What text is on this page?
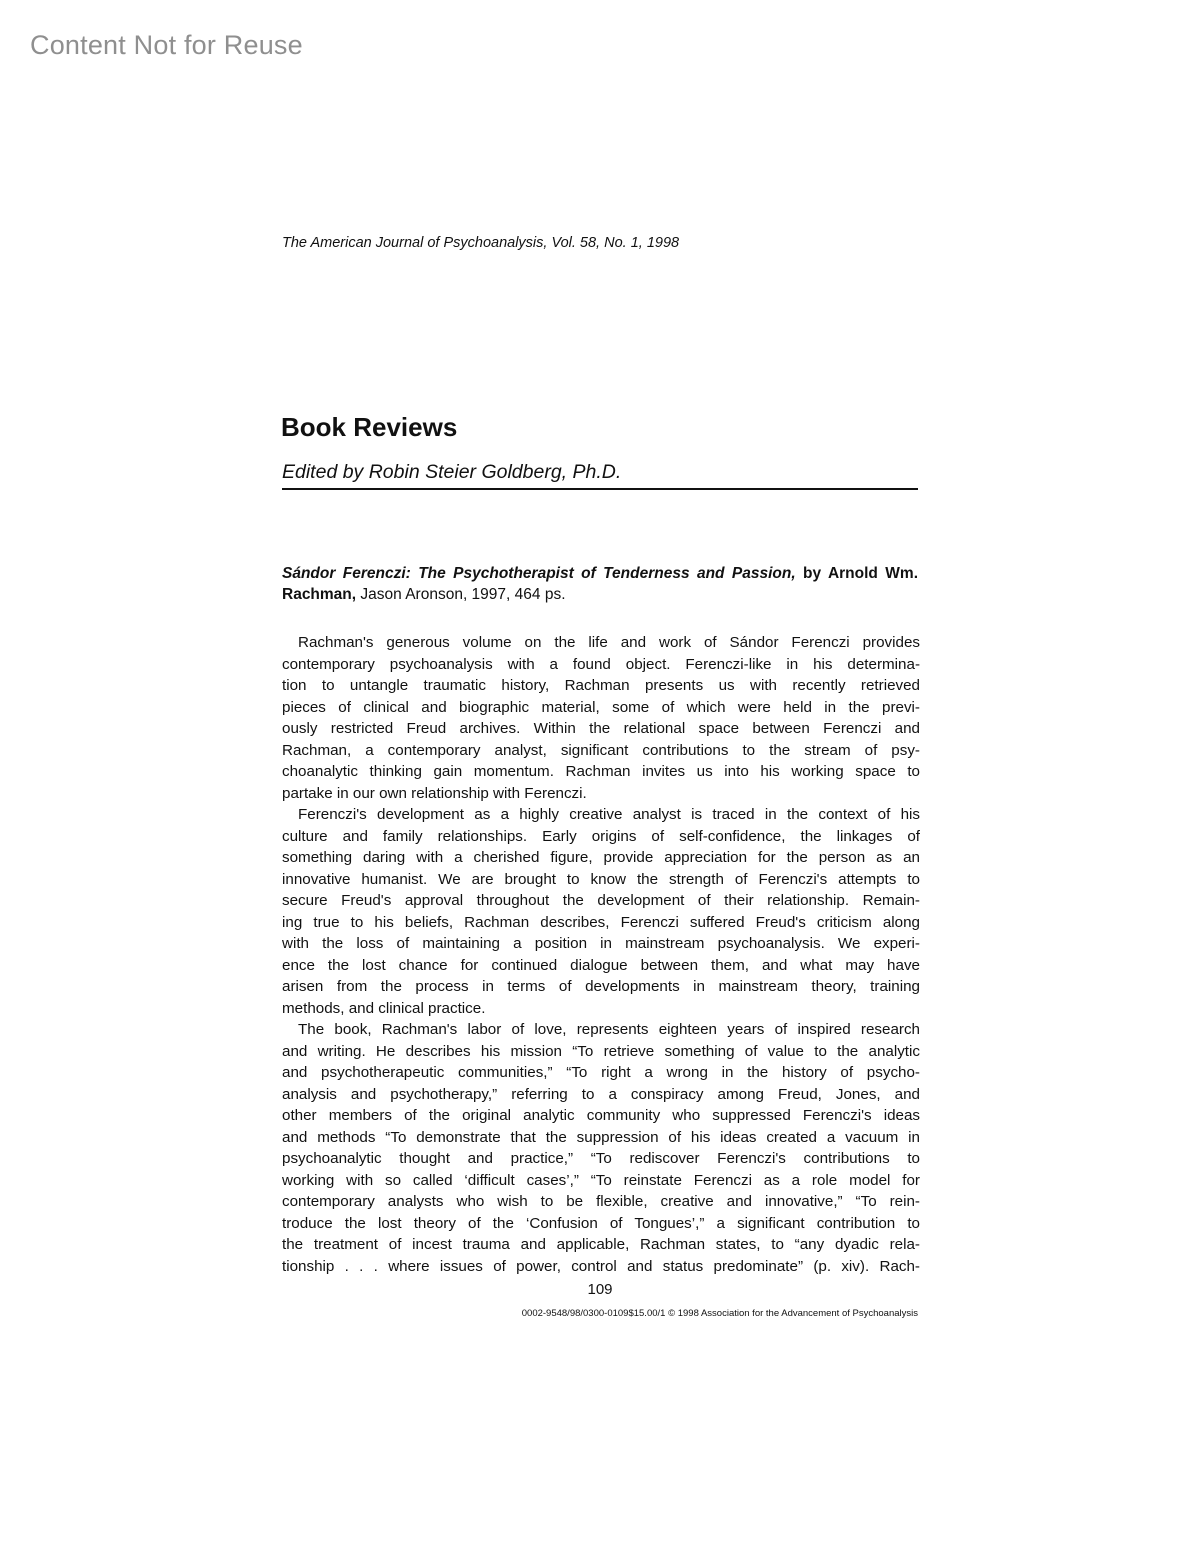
Content Not for Reuse
The American Journal of Psychoanalysis, Vol. 58, No. 1, 1998
Book Reviews
Edited by Robin Steier Goldberg, Ph.D.
Sándor Ferenczi: The Psychotherapist of Tenderness and Passion, by Arnold Wm. Rachman, Jason Aronson, 1997, 464 ps.
Rachman's generous volume on the life and work of Sándor Ferenczi provides
contemporary psychoanalysis with a found object. Ferenczi-like in his determina-
tion to untangle traumatic history, Rachman presents us with recently retrieved
pieces of clinical and biographic material, some of which were held in the previ-
ously restricted Freud archives. Within the relational space between Ferenczi and
Rachman, a contemporary analyst, significant contributions to the stream of psy-
choanalytic thinking gain momentum. Rachman invites us into his working space to
partake in our own relationship with Ferenczi.
Ferenczi's development as a highly creative analyst is traced in the context of his
culture and family relationships. Early origins of self-confidence, the linkages of
something daring with a cherished figure, provide appreciation for the person as an
innovative humanist. We are brought to know the strength of Ferenczi's attempts to
secure Freud's approval throughout the development of their relationship. Remain-
ing true to his beliefs, Rachman describes, Ferenczi suffered Freud's criticism along
with the loss of maintaining a position in mainstream psychoanalysis. We experi-
ence the lost chance for continued dialogue between them, and what may have
arisen from the process in terms of developments in mainstream theory, training
methods, and clinical practice.
The book, Rachman's labor of love, represents eighteen years of inspired research
and writing. He describes his mission “To retrieve something of value to the analytic
and psychotherapeutic communities,” “To right a wrong in the history of psycho-
analysis and psychotherapy,” referring to a conspiracy among Freud, Jones, and
other members of the original analytic community who suppressed Ferenczi's ideas
and methods “To demonstrate that the suppression of his ideas created a vacuum in
psychoanalytic thought and practice,” “To rediscover Ferenczi's contributions to
working with so called ‘difficult cases’,” “To reinstate Ferenczi as a role model for
contemporary analysts who wish to be flexible, creative and innovative,” “To rein-
troduce the lost theory of the ‘Confusion of Tongues’,” a significant contribution to
the treatment of incest trauma and applicable, Rachman states, to “any dyadic rela-
tionship . . . where issues of power, control and status predominate” (p. xiv). Rach-
109
0002-9548/98/0300-0109$15.00/1 © 1998 Association for the Advancement of Psychoanalysis
